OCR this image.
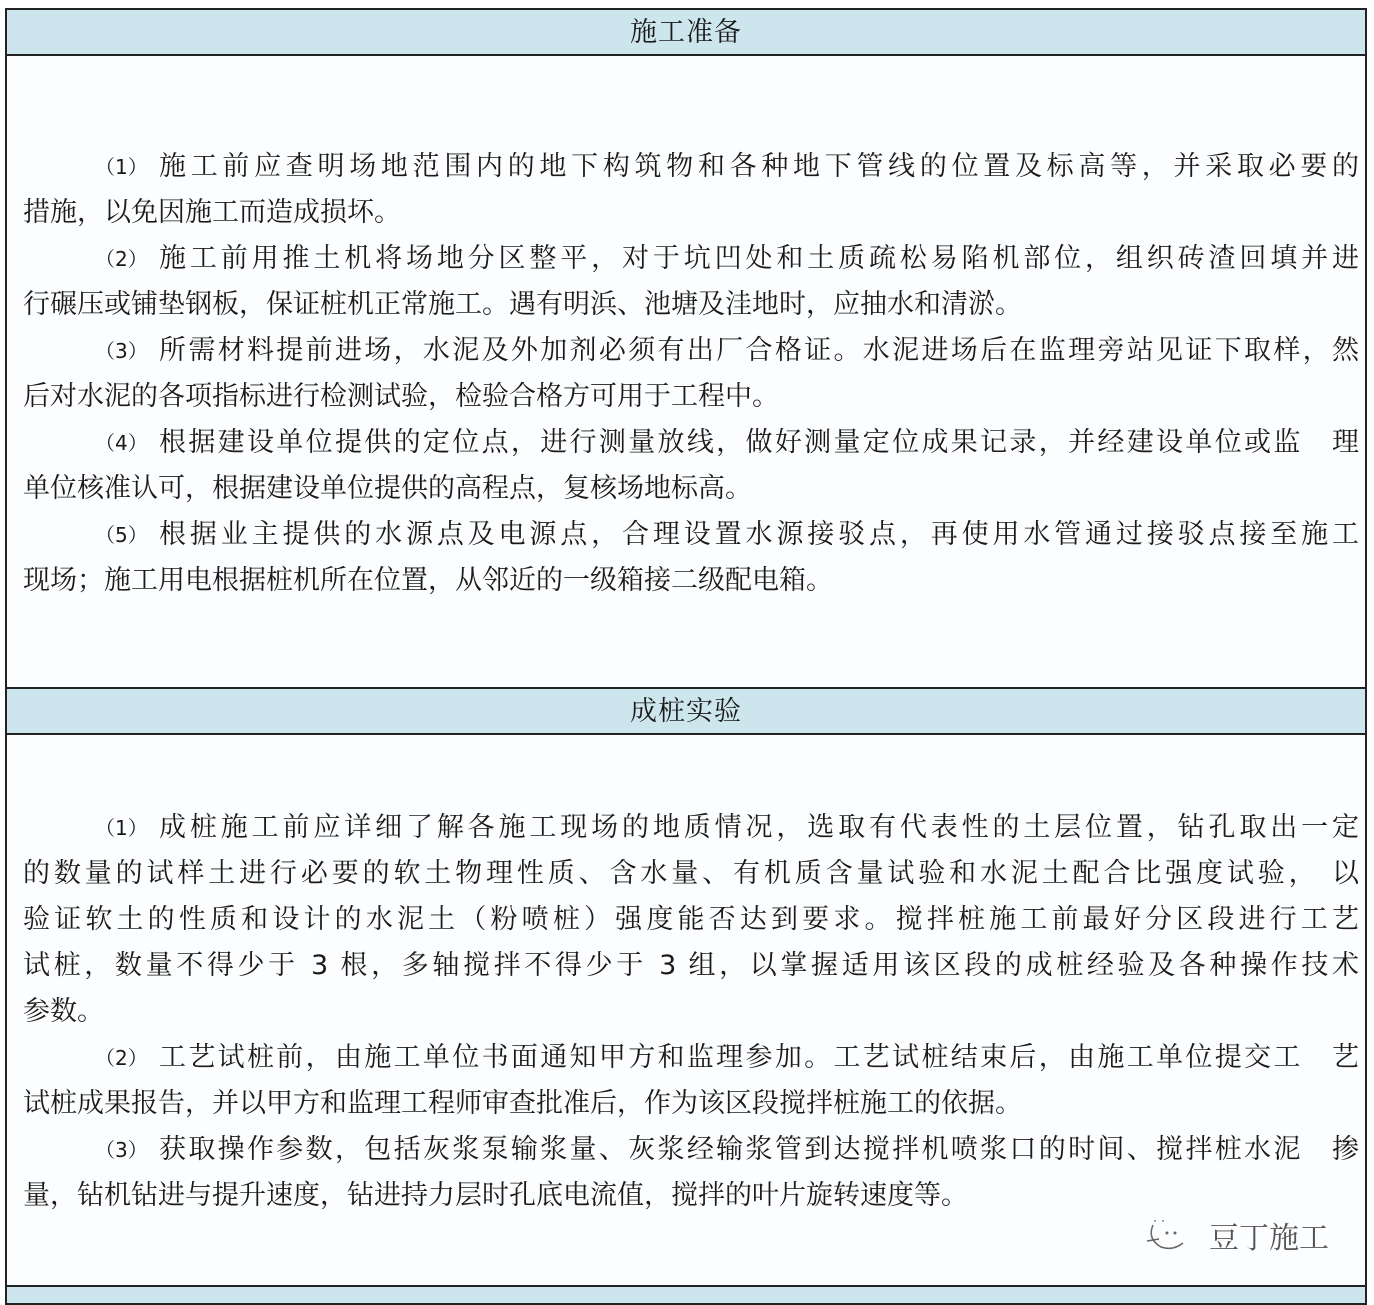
施工准备
（1） 施工前应查明场地范围内的地下构筑物和各种地下管线的位置及标高等，并采取必要的
措施，以免因施工而造成损坏。
（2） 施工前用推土机将场地分区整平，对于坑凹处和土质疏松易陷机部位，组织砖渣回填并进
行碾压或铺垫钢板，保证桩机正常施工。遇有明浜、池塘及洼地时，应抽水和清淤。
（3） 所需材料提前进场，水泥及外加剂必须有出厂合格证。水泥进场后在监理旁站见证下取样，然
后对水泥的各项指标进行检测试验，检验合格方可用于工程中。
（4） 根据建设单位提供的定位点，进行测量放线，做好测量定位成果记录，并经建设单位或监　理
单位核准认可，根据建设单位提供的高程点，复核场地标高。
（5） 根据业主提供的水源点及电源点，合理设置水源接驳点，再使用水管通过接驳点接至施工
现场；施工用电根据桩机所在位置，从邻近的一级箱接二级配电箱。
成桩实验
（1） 成桩施工前应详细了解各施工现场的地质情况，选取有代表性的土层位置，钻孔取出一定
的数量的试样土进行必要的软土物理性质、含水量、有机质含量试验和水泥土配合比强度试验， 以
验证软土的性质和设计的水泥土（粉喷桩）强度能否达到要求。搅拌桩施工前最好分区段进行工艺
试桩，数量不得少于 3 根，多轴搅拌不得少于 3 组，以掌握适用该区段的成桩经验及各种操作技术
参数。
（2） 工艺试桩前，由施工单位书面通知甲方和监理参加。工艺试桩结束后，由施工单位提交工　艺
试桩成果报告，并以甲方和监理工程师审查批准后，作为该区段搅拌桩施工的依据。
（3） 获取操作参数，包括灰浆泵输浆量、灰浆经输浆管到达搅拌机喷浆口的时间、搅拌桩水泥　掺
量，钻机钻进与提升速度，钻进持力层时孔底电流值，搅拌的叶片旋转速度等。
豆丁施工
